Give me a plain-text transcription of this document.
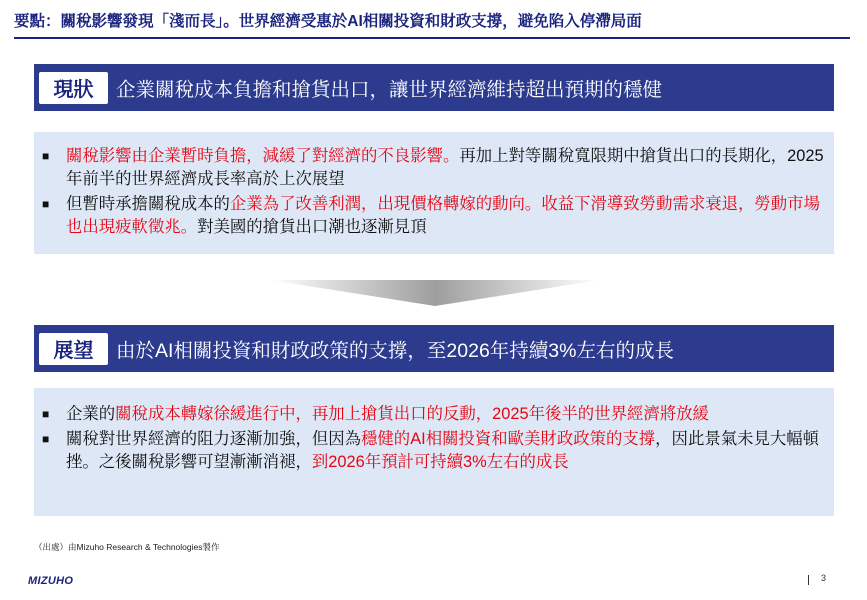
要點：關稅影響發現「淺而長」。世界經濟受惠於AI相關投資和財政支撐，避免陷入停滯局面
現狀	企業關稅成本負擔和搶貨出口，讓世界經濟維持超出預期的穩健
■	關稅影響由企業暫時負擔，減緩了對經濟的不良影響。再加上對等關稅寬限期中搶貨出口的長期化，2025年前半的世界經濟成長率高於上次展望
■	但暫時承擔關稅成本的企業為了改善利潤，出現價格轉嫁的動向。收益下滑導致勞動需求衰退，勞動市場也出現疲軟徵兆。對美國的搶貨出口潮也逐漸見頂
展望	由於AI相關投資和財政政策的支撐，至2026年持續3%左右的成長
■	企業的關稅成本轉嫁徐緩進行中，再加上搶貨出口的反動，2025年後半的世界經濟將放緩
■	關稅對世界經濟的阻力逐漸加強，但因為穩健的AI相關投資和歐美財政政策的支撐，因此景氣未見大幅頓挫。之後關稅影響可望漸漸消褪，到2026年預計可持續3%左右的成長
（出處）由Mizuho Research & Technologies製作
MIZUHO	3
